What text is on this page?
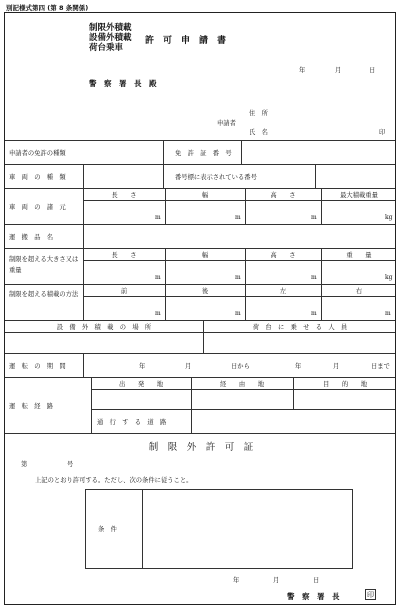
別記様式第四 (第 8 条関係)
制限外積載
設備外積載
荷台乗車
許　可　申　請　書
年	月	日
警　察　署　長　殿
住　所
申請者
氏　名	印
申請者の免許の種類	免　許　証　番　号
車　両　の　種　類	番号標に表示されている番号
車　両　の　諸　元
長　　さ	幅	高　　さ	最大積載重量
m	m	m	kg
運　搬　品　名
制限を超える大きさ又は重量
長　　さ	幅	高　　さ	重　　量
m	m	m	kg
制限を超える積載の方法	前	後	左	右
m	m	m	m
設　備　外　積　載　の　場　所	荷　台　に　乗　せ　る　人　員
運　転　の　期　間	年	月	日から	年	月	日まで
運　転　経　路
出　　発　　地	経　　由　　地	目　　的　　地
通　行　す　る　道　路
制　限　外　許　可　証
第	号
上記のとおり許可する。ただし、次の条件に従うこと。
条　件
年	月	日
警　察　署　長	印
